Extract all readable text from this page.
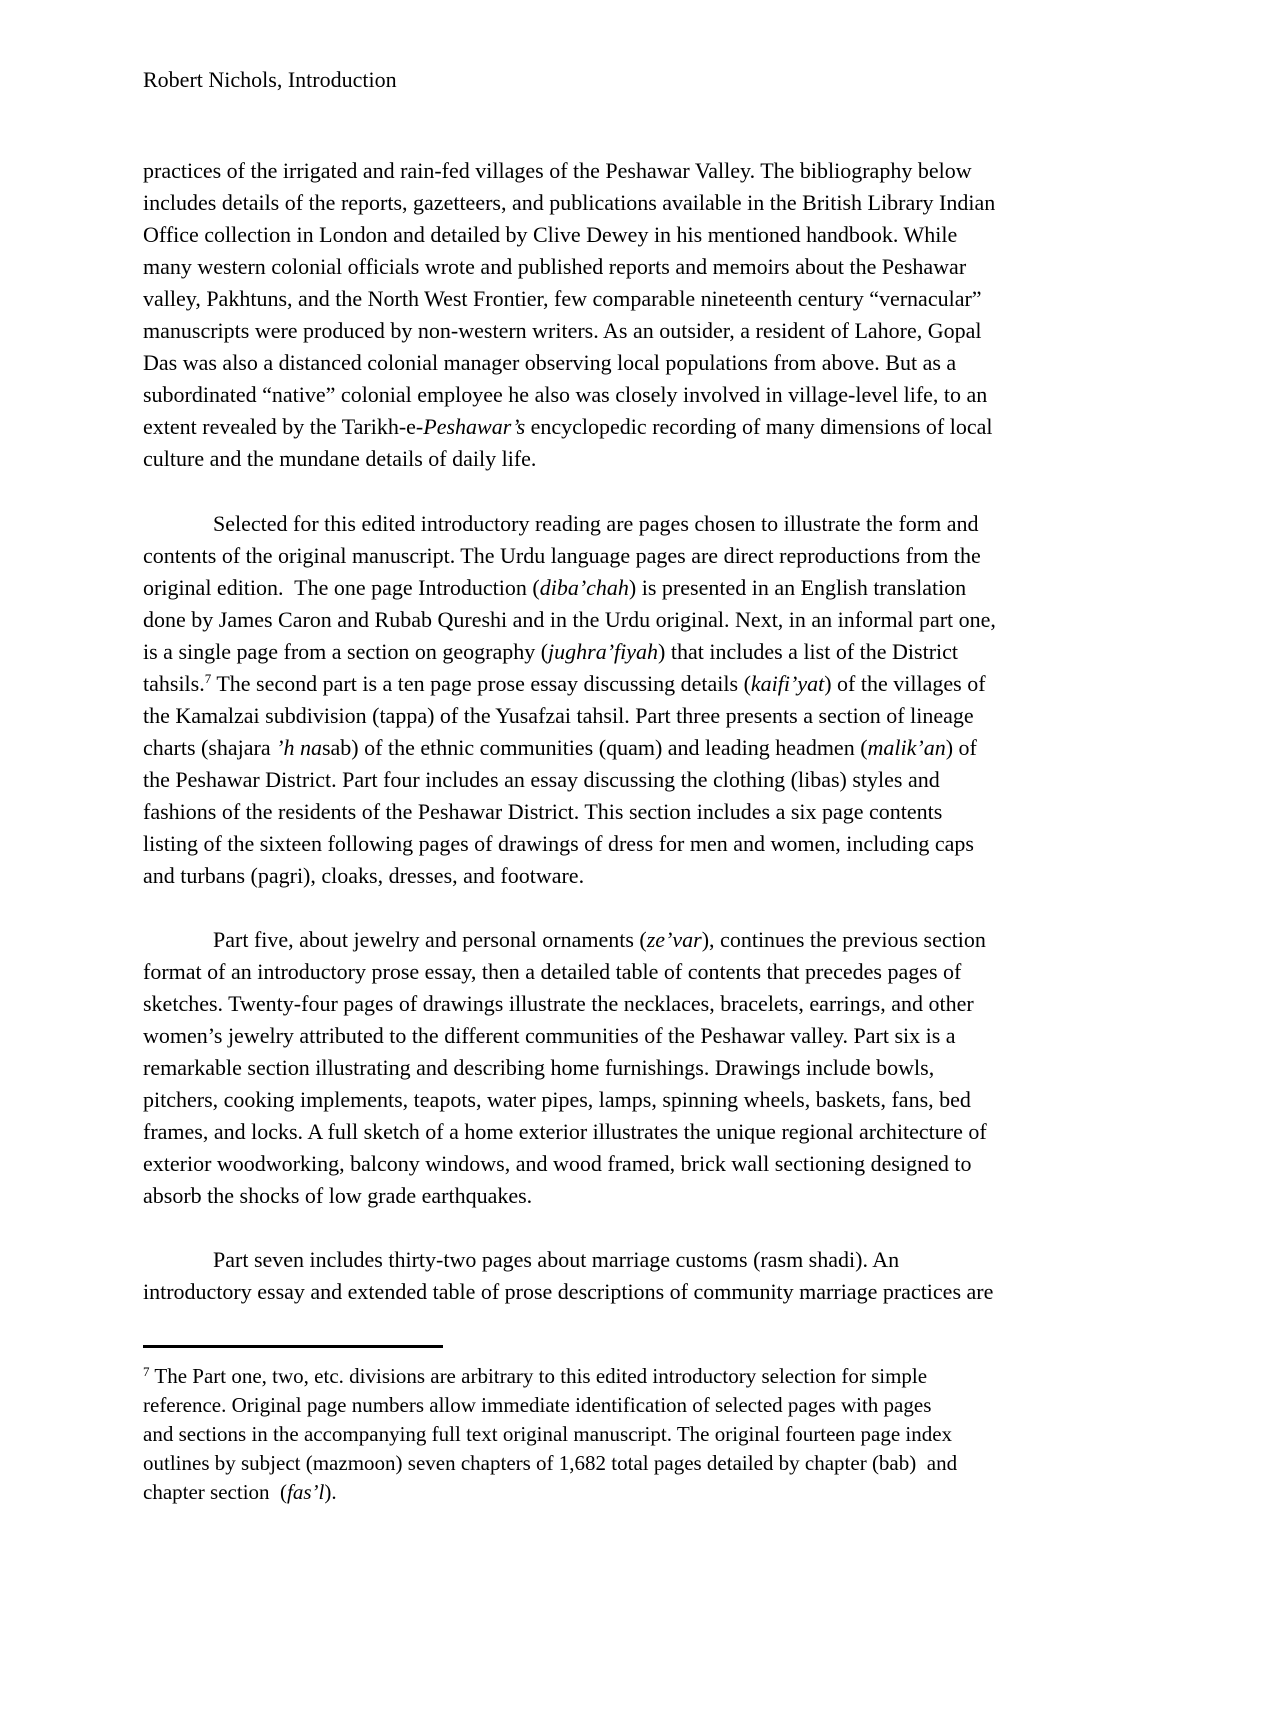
Robert Nichols, Introduction
practices of the irrigated and rain-fed villages of the Peshawar Valley. The bibliography below
includes details of the reports, gazetteers, and publications available in the British Library Indian
Office collection in London and detailed by Clive Dewey in his mentioned handbook. While
many western colonial officials wrote and published reports and memoirs about the Peshawar
valley, Pakhtuns, and the North West Frontier, few comparable nineteenth century “vernacular”
manuscripts were produced by non-western writers. As an outsider, a resident of Lahore, Gopal
Das was also a distanced colonial manager observing local populations from above. But as a
subordinated “native” colonial employee he also was closely involved in village-level life, to an
extent revealed by the Tarikh-e-Peshawar’s encyclopedic recording of many dimensions of local
culture and the mundane details of daily life.
Selected for this edited introductory reading are pages chosen to illustrate the form and
contents of the original manuscript. The Urdu language pages are direct reproductions from the
original edition.  The one page Introduction (diba’chah) is presented in an English translation
done by James Caron and Rubab Qureshi and in the Urdu original. Next, in an informal part one,
is a single page from a section on geography (jughra’fiyah) that includes a list of the District
tahsils.$^7$ The second part is a ten page prose essay discussing details (kaifi’yat) of the villages of
the Kamalzai subdivision (tappa) of the Yusafzai tahsil. Part three presents a section of lineage
charts (shajara ’h nasab) of the ethnic communities (quam) and leading headmen (malik’an) of
the Peshawar District. Part four includes an essay discussing the clothing (libas) styles and
fashions of the residents of the Peshawar District. This section includes a six page contents
listing of the sixteen following pages of drawings of dress for men and women, including caps
and turbans (pagri), cloaks, dresses, and footware.
Part five, about jewelry and personal ornaments (ze’var), continues the previous section
format of an introductory prose essay, then a detailed table of contents that precedes pages of
sketches. Twenty-four pages of drawings illustrate the necklaces, bracelets, earrings, and other
women’s jewelry attributed to the different communities of the Peshawar valley. Part six is a
remarkable section illustrating and describing home furnishings. Drawings include bowls,
pitchers, cooking implements, teapots, water pipes, lamps, spinning wheels, baskets, fans, bed
frames, and locks. A full sketch of a home exterior illustrates the unique regional architecture of
exterior woodworking, balcony windows, and wood framed, brick wall sectioning designed to
absorb the shocks of low grade earthquakes.
Part seven includes thirty-two pages about marriage customs (rasm shadi). An
introductory essay and extended table of prose descriptions of community marriage practices are
$^7$ The Part one, two, etc. divisions are arbitrary to this edited introductory selection for simple
reference. Original page numbers allow immediate identification of selected pages with pages
and sections in the accompanying full text original manuscript. The original fourteen page index
outlines by subject (mazmoon) seven chapters of 1,682 total pages detailed by chapter (bab)  and
chapter section  (fas’l).
